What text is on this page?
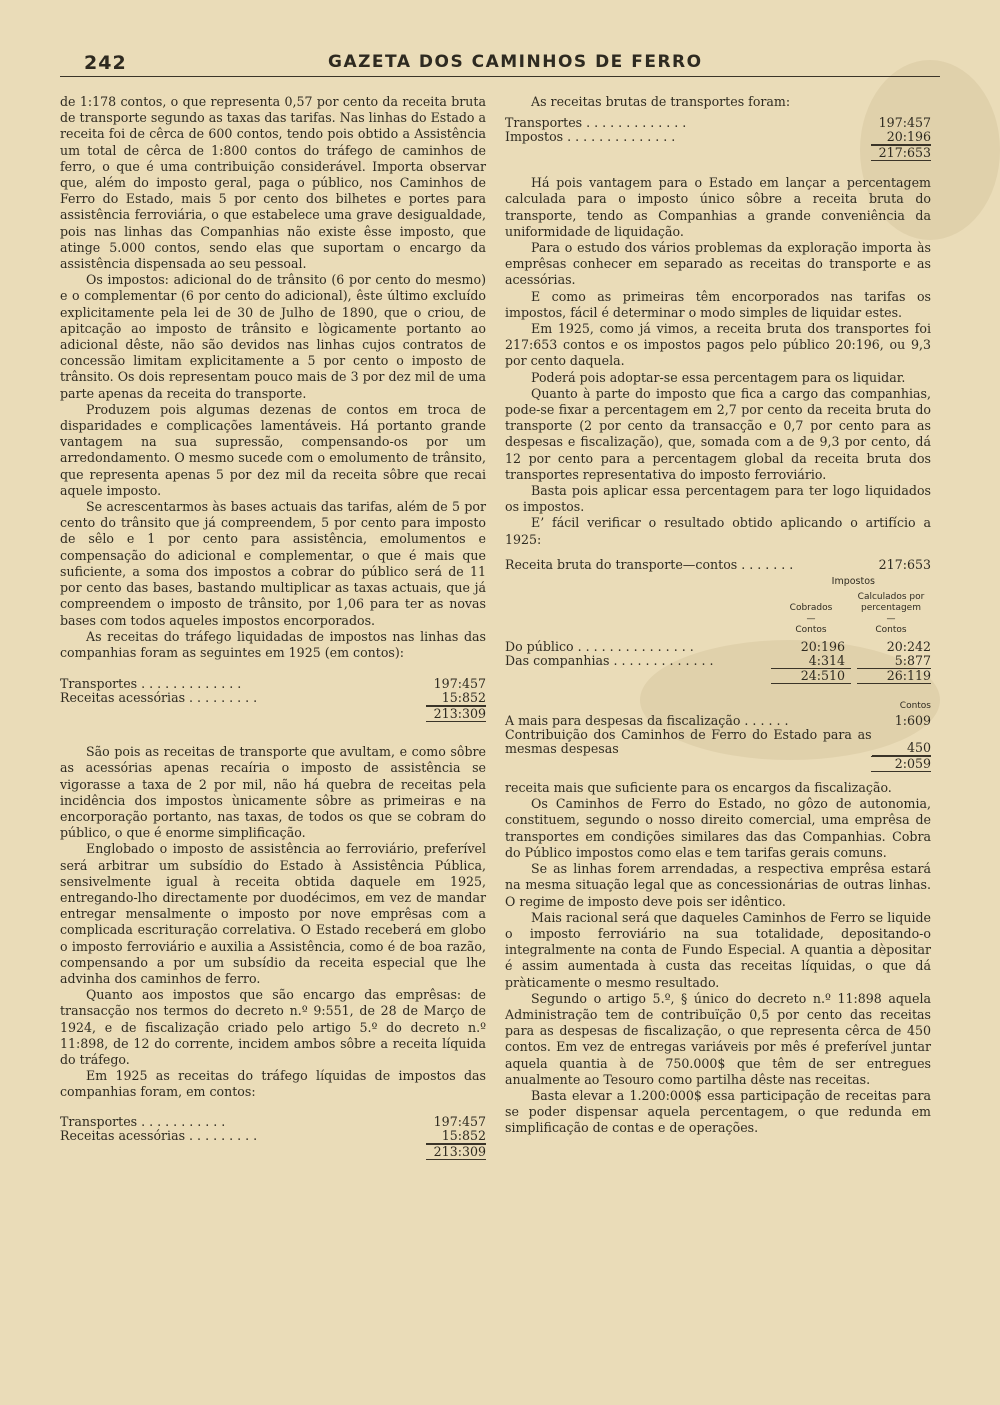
242	GAZETA DOS CAMINHOS DE FERRO

de 1:178 contos, o que representa 0,57 por cento da receita bruta de transporte segundo as taxas das tarifas. Nas linhas do Estado a receita foi de cêrca de 600 contos, tendo pois obtido a Assistência um total de cêrca de 1:800 contos do tráfego de caminhos de ferro, o que é uma contribuição considerável. Importa observar que, além do imposto geral, paga o público, nos Caminhos de Ferro do Estado, mais 5 por cento dos bilhetes e portes para assistência ferroviária, o que estabelece uma grave desigualdade, pois nas linhas das Companhias não existe êsse imposto, que atinge 5.000 contos, sendo elas que suportam o encargo da assistência dispensada ao seu pessoal.

Os impostos: adicional do de trânsito (6 por cento do mesmo) e o complementar (6 por cento do adicional), êste último excluído explicitamente pela lei de 30 de Julho de 1890, que o criou, de apitcação ao imposto de trânsito e lògicamente portanto ao adicional dêste, não são devidos nas linhas cujos contratos de concessão limitam explicitamente a 5 por cento o imposto de trânsito. Os dois representam pouco mais de 3 por dez mil de uma parte apenas da receita do transporte.

Produzem pois algumas dezenas de contos em troca de disparidades e complicações lamentáveis. Há portanto grande vantagem na sua supressão, compensando-os por um arredondamento. O mesmo sucede com o emolumento de trânsito, que representa apenas 5 por dez mil da receita sôbre que recai aquele imposto.

Se acrescentarmos às bases actuais das tarifas, além de 5 por cento do trânsito que já compreendem, 5 por cento para imposto de sêlo e 1 por cento para assistência, emolumentos e compensação do adicional e complementar, o que é mais que suficiente, a soma dos impostos a cobrar do público será de 11 por cento das bases, bastando multiplicar as taxas actuais, que já compreendem o imposto de trânsito, por 1,06 para ter as novas bases com todos aqueles impostos encorporados.

As receitas do tráfego liquidadas de impostos nas linhas das companhias foram as seguintes em 1925 (em contos):

Transportes . . . . . . . . . . . . .	197:457
Receitas acessórias . . . . . . . . .	15:852
213:309

São pois as receitas de transporte que avultam, e como sôbre as acessórias apenas recaíria o imposto de assistência se vigorasse a taxa de 2 por mil, não há quebra de receitas pela incidência dos impostos ùnicamente sôbre as primeiras e na encorporação portanto, nas taxas, de todos os que se cobram do público, o que é enorme simplificação.

Englobado o imposto de assistência ao ferroviário, preferível será arbitrar um subsídio do Estado à Assistência Pública, sensivelmente igual à receita obtida daquele em 1925, entregando-lho directamente por duodécimos, em vez de mandar entregar mensalmente o imposto por nove emprêsas com a complicada escrituração correlativa. O Estado receberá em globo o imposto ferroviário e auxilia a Assistência, como é de boa razão, compensando a por um subsídio da receita especial que lhe advinha dos caminhos de ferro.

Quanto aos impostos que são encargo das emprêsas: de transacção nos termos do decreto n.º 9:551, de 28 de Março de 1924, e de fiscalização criado pelo artigo 5.º do decreto n.º 11:898, de 12 do corrente, incidem ambos sôbre a receita líquida do tráfego.

Em 1925 as receitas do tráfego líquidas de impostos das companhias foram, em contos:

Transportes . . . . . . . . . . .	197:457
Receitas acessórias . . . . . . . . .	15:852
213:309

As receitas brutas de transportes foram:

Transportes . . . . . . . . . . . . .	197:457
Impostos . . . . . . . . . . . . . .	20:196
217:653

Há pois vantagem para o Estado em lançar a percentagem calculada para o imposto único sôbre a receita bruta do transporte, tendo as Companhias a grande conveniência da uniformidade de liquidação.

Para o estudo dos vários problemas da exploração importa às emprêsas conhecer em separado as receitas do transporte e as acessórias.

E como as primeiras têm encorporados nas tarifas os impostos, fácil é determinar o modo simples de liquidar estes.

Em 1925, como já vimos, a receita bruta dos transportes foi 217:653 contos e os impostos pagos pelo público 20:196, ou 9,3 por cento daquela.

Poderá pois adoptar-se essa percentagem para os liquidar.

Quanto à parte do imposto que fica a cargo das companhias, pode-se fixar a percentagem em 2,7 por cento da receita bruta do transporte (2 por cento da transacção e 0,7 por cento para as despesas e fiscalização), que, somada com a de 9,3 por cento, dá 12 por cento para a percentagem global da receita bruta dos transportes representativa do imposto ferroviário.

Basta pois aplicar essa percentagem para ter logo liquidados os impostos.

E’ fácil verificar o resultado obtido aplicando o artifício a 1925:

Receita bruta do transporte—contos . . . . . . .	217:653
Impostos

Cobrados
—
Contos
Calculados por percentagem
—
Contos
Do público . . . . . . . . . . . . . . .	20:196	20:242
Das companhias . . . . . . . . . . . . .	4:314	5:877
24:510	26:119
Contos
A mais para despesas da fiscalização . . . . . .	1:609
Contribuição dos Caminhos de Ferro do Estado para as mesmas despesas	450
2:059

receita mais que suficiente para os encargos da fiscalização.

Os Caminhos de Ferro do Estado, no gôzo de autonomia, constituem, segundo o nosso direito comercial, uma emprêsa de transportes em condições similares das das Companhias. Cobra do Público impostos como elas e tem tarifas gerais comuns.

Se as linhas forem arrendadas, a respectiva emprêsa estará na mesma situação legal que as concessionárias de outras linhas. O regime de imposto deve pois ser idêntico.

Mais racional será que daqueles Caminhos de Ferro se liquide o imposto ferroviário na sua totalidade, depositando-o integralmente na conta de Fundo Especial. A quantia a dèpositar é assim aumentada à custa das receitas líquidas, o que dá pràticamente o mesmo resultado.

Segundo o artigo 5.º, § único do decreto n.º 11:898 aquela Administração tem de contribuïção 0,5 por cento das receitas para as despesas de fiscalização, o que representa cêrca de 450 contos. Em vez de entregas variáveis por mês é preferível juntar aquela quantia à de 750.000$ que têm de ser entregues anualmente ao Tesouro como partilha dêste nas receitas.

Basta elevar a 1.200:000$ essa participação de receitas para se poder dispensar aquela percentagem, o que redunda em simplificação de contas e de operações.
